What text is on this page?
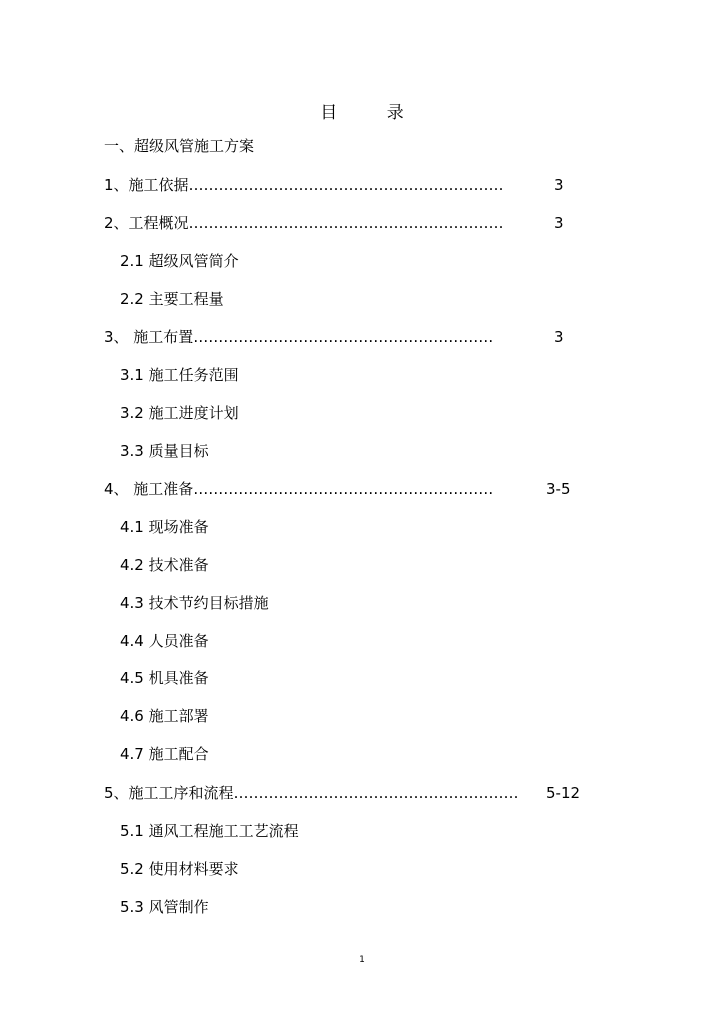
目 录
一、超级风管施工方案
1、施工依据………………………………………………………	3
2、工程概况………………………………………………………	3
2.1 超级风管简介
2.2 主要工程量
3、 施工布置……………………………………………………	3
3.1 施工任务范围
3.2 施工进度计划
3.3 质量目标
4、 施工准备……………………………………………………	3-5
4.1 现场准备
4.2 技术准备
4.3 技术节约目标措施
4.4 人员准备
4.5 机具准备
4.6 施工部署
4.7 施工配合
5、施工工序和流程………………………………………………… 5-12
5.1 通风工程施工工艺流程
5.2 使用材料要求
5.3 风管制作
1
